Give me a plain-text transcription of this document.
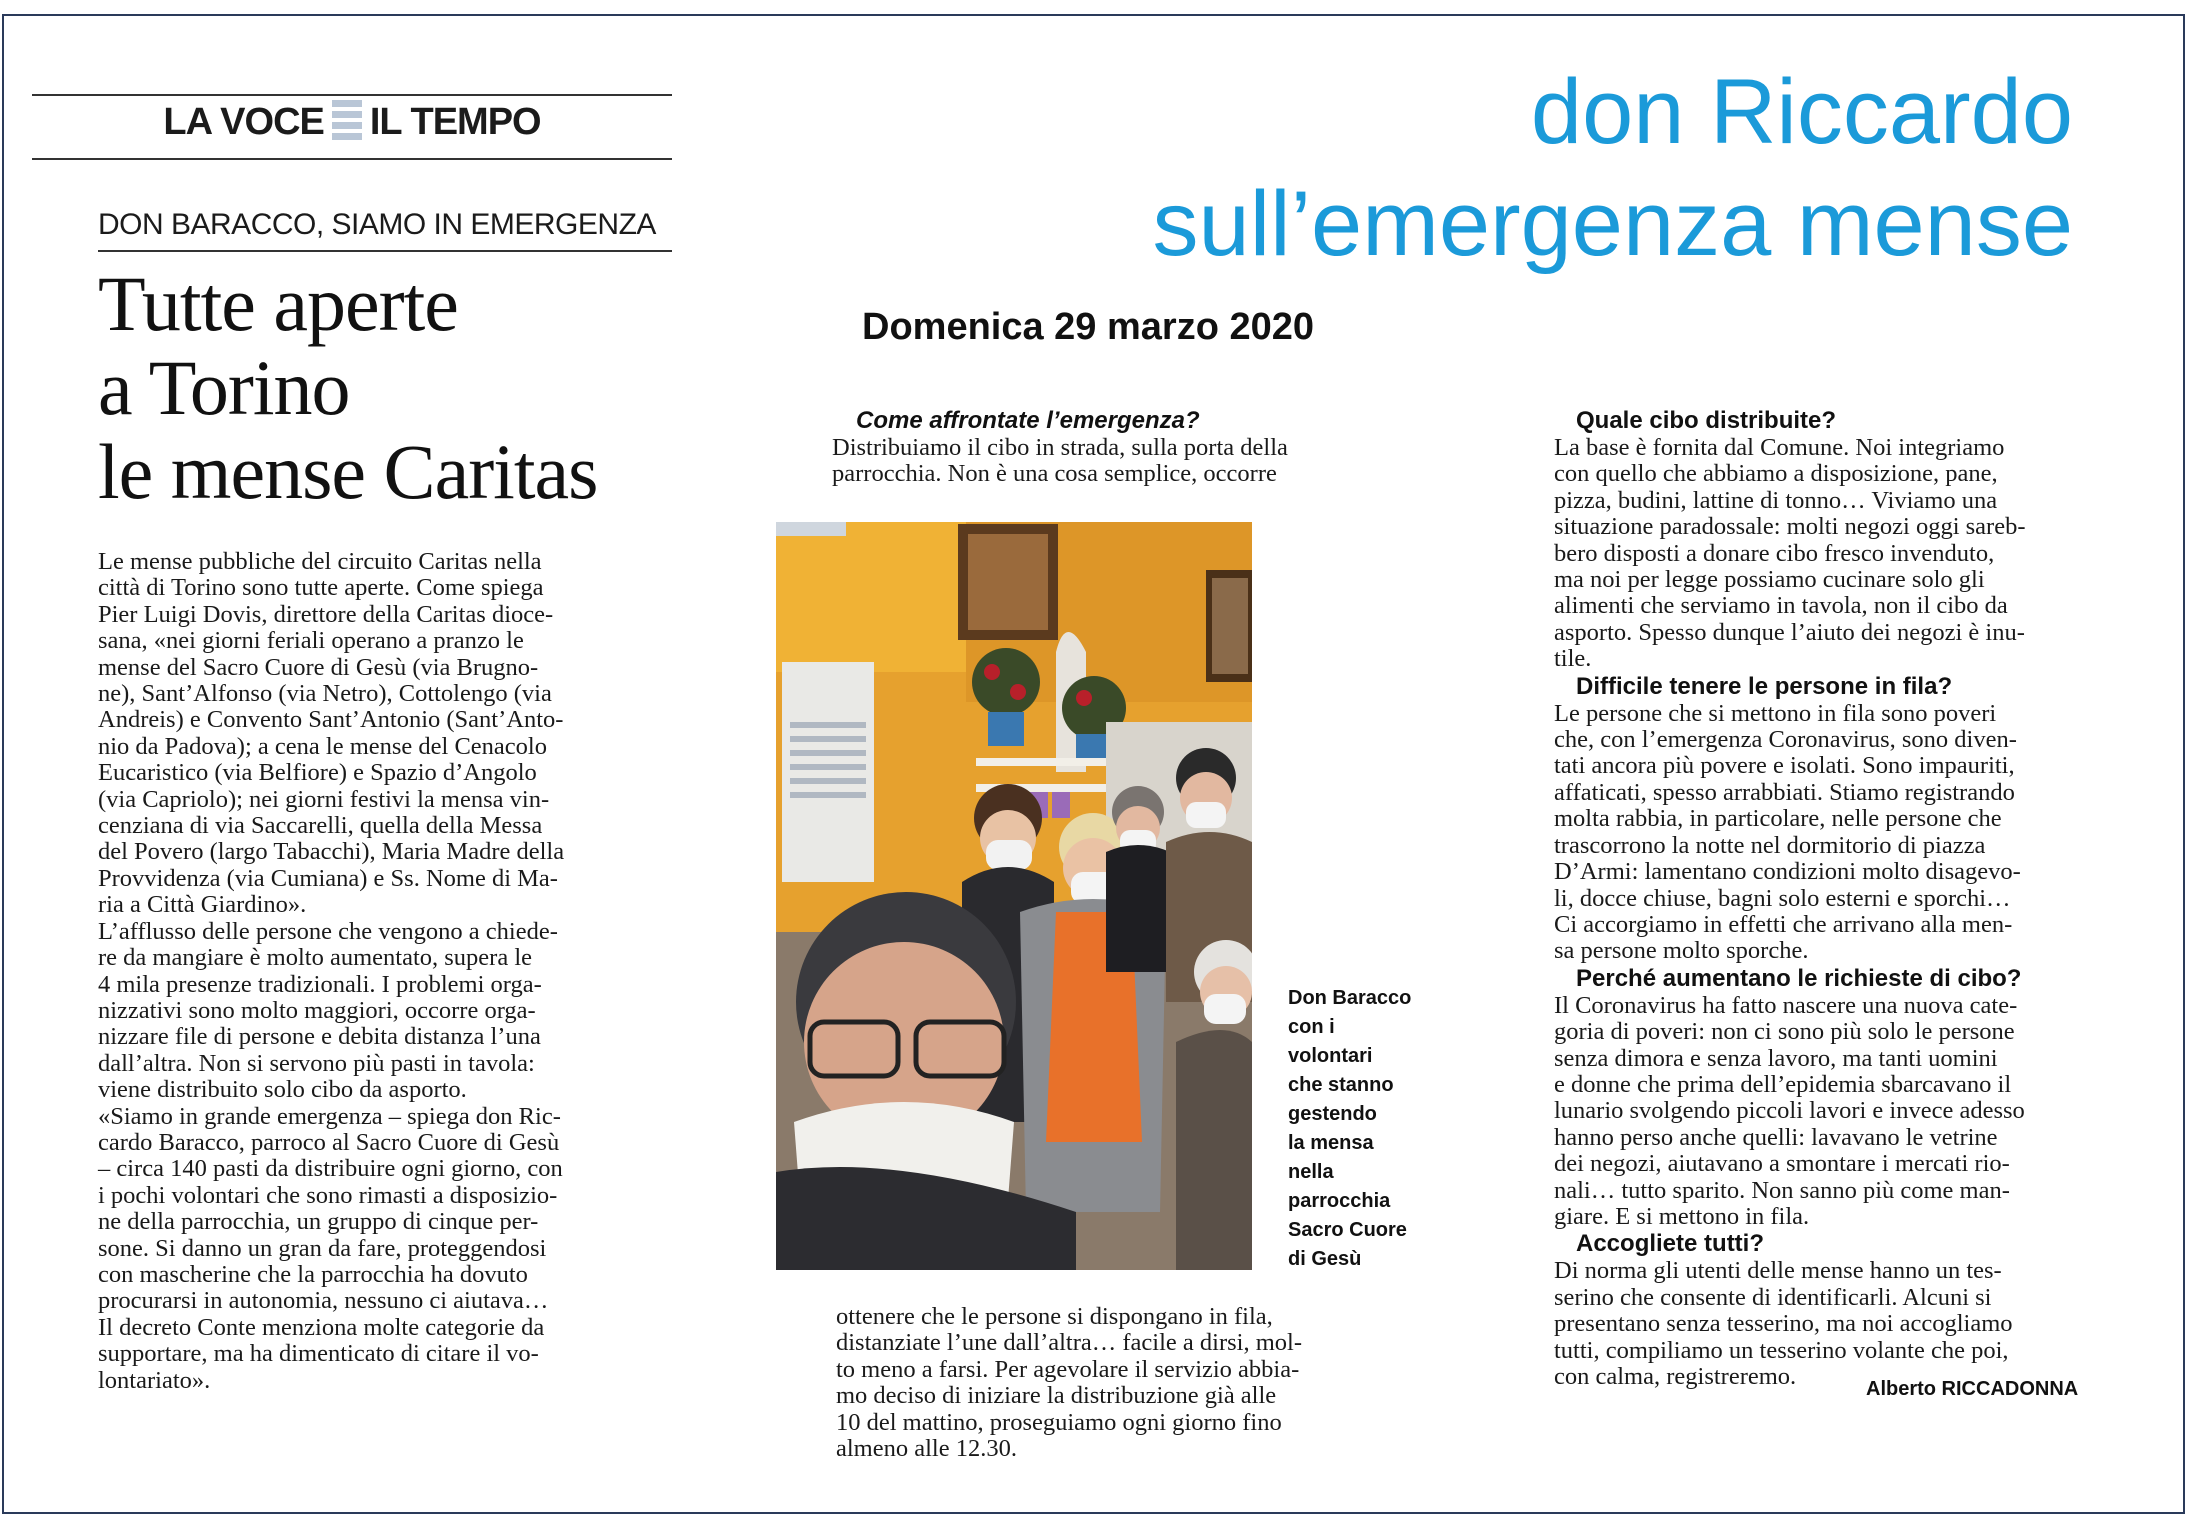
LA VOCE IL TEMPO
DON BARACCO, SIAMO IN EMERGENZA
Tutte aperte
a Torino
le mense Caritas
don Riccardo
sull’emergenza mense
Domenica 29 marzo 2020
Le mense pubbliche del circuito Caritas nella
città di Torino sono tutte aperte. Come spiega
Pier Luigi Dovis, direttore della Caritas dioce-
sana, «nei giorni feriali operano a pranzo le
mense del Sacro Cuore di Gesù (via Brugno-
ne), Sant’Alfonso (via Netro), Cottolengo (via
Andreis) e Convento Sant’Antonio (Sant’Anto-
nio da Padova); a cena le mense del Cenacolo
Eucaristico (via Belfiore) e Spazio d’Angolo
(via Capriolo); nei giorni festivi la mensa vin-
cenziana di via Saccarelli, quella della Messa
del Povero (largo Tabacchi), Maria Madre della
Provvidenza (via Cumiana) e Ss. Nome di Ma-
ria a Città Giardino».
L’afflusso delle persone che vengono a chiede-
re da mangiare è molto aumentato, supera le
4 mila presenze tradizionali. I problemi orga-
nizzativi sono molto maggiori, occorre orga-
nizzare file di persone e debita distanza l’una
dall’altra. Non si servono più pasti in tavola:
viene distribuito solo cibo da asporto.
«Siamo in grande emergenza – spiega don Ric-
cardo Baracco, parroco al Sacro Cuore di Gesù
– circa 140 pasti da distribuire ogni giorno, con
i pochi volontari che sono rimasti a disposizio-
ne della parrocchia, un gruppo di cinque per-
sone. Si danno un gran da fare, proteggendosi
con mascherine che la parrocchia ha dovuto
procurarsi in autonomia, nessuno ci aiutava…
Il decreto Conte menziona molte categorie da
supportare, ma ha dimenticato di citare il vo-
lontariato».
Come affrontate l’emergenza?
Distribuiamo il cibo in strada, sulla porta della
parrocchia. Non è una cosa semplice, occorre
Don Baracco
con i
volontari
che stanno
gestendo
la mensa
nella
parrocchia
Sacro Cuore
di Gesù
ottenere che le persone si dispongano in fila,
distanziate l’une dall’altra… facile a dirsi, mol-
to meno a farsi. Per agevolare il servizio abbia-
mo deciso di iniziare la distribuzione già alle
10 del mattino, proseguiamo ogni giorno fino
almeno alle 12.30.
Quale cibo distribuite?
La base è fornita dal Comune. Noi integriamo
con quello che abbiamo a disposizione, pane,
pizza, budini, lattine di tonno… Viviamo una
situazione paradossale: molti negozi oggi sareb-
bero disposti a donare cibo fresco invenduto,
ma noi per legge possiamo cucinare solo gli
alimenti che serviamo in tavola, non il cibo da
asporto. Spesso dunque l’aiuto dei negozi è inu-
tile.
Difficile tenere le persone in fila?
Le persone che si mettono in fila sono poveri
che, con l’emergenza Coronavirus, sono diven-
tati ancora più povere e isolati. Sono impauriti,
affaticati, spesso arrabbiati. Stiamo registrando
molta rabbia, in particolare, nelle persone che
trascorrono la notte nel dormitorio di piazza
D’Armi: lamentano condizioni molto disagevo-
li, docce chiuse, bagni solo esterni e sporchi…
Ci accorgiamo in effetti che arrivano alla men-
sa persone molto sporche.
Perché aumentano le richieste di cibo?
Il Coronavirus ha fatto nascere una nuova cate-
goria di poveri: non ci sono più solo le persone
senza dimora e senza lavoro, ma tanti uomini
e donne che prima dell’epidemia sbarcavano il
lunario svolgendo piccoli lavori e invece adesso
hanno perso anche quelli: lavavano le vetrine
dei negozi, aiutavano a smontare i mercati rio-
nali… tutto sparito. Non sanno più come man-
giare. E si mettono in fila.
Accogliete tutti?
Di norma gli utenti delle mense hanno un tes-
serino che consente di identificarli. Alcuni si
presentano senza tesserino, ma noi accogliamo
tutti, compiliamo un tesserino volante che poi,
con calma, registreremo.	Alberto RICCADONNA
